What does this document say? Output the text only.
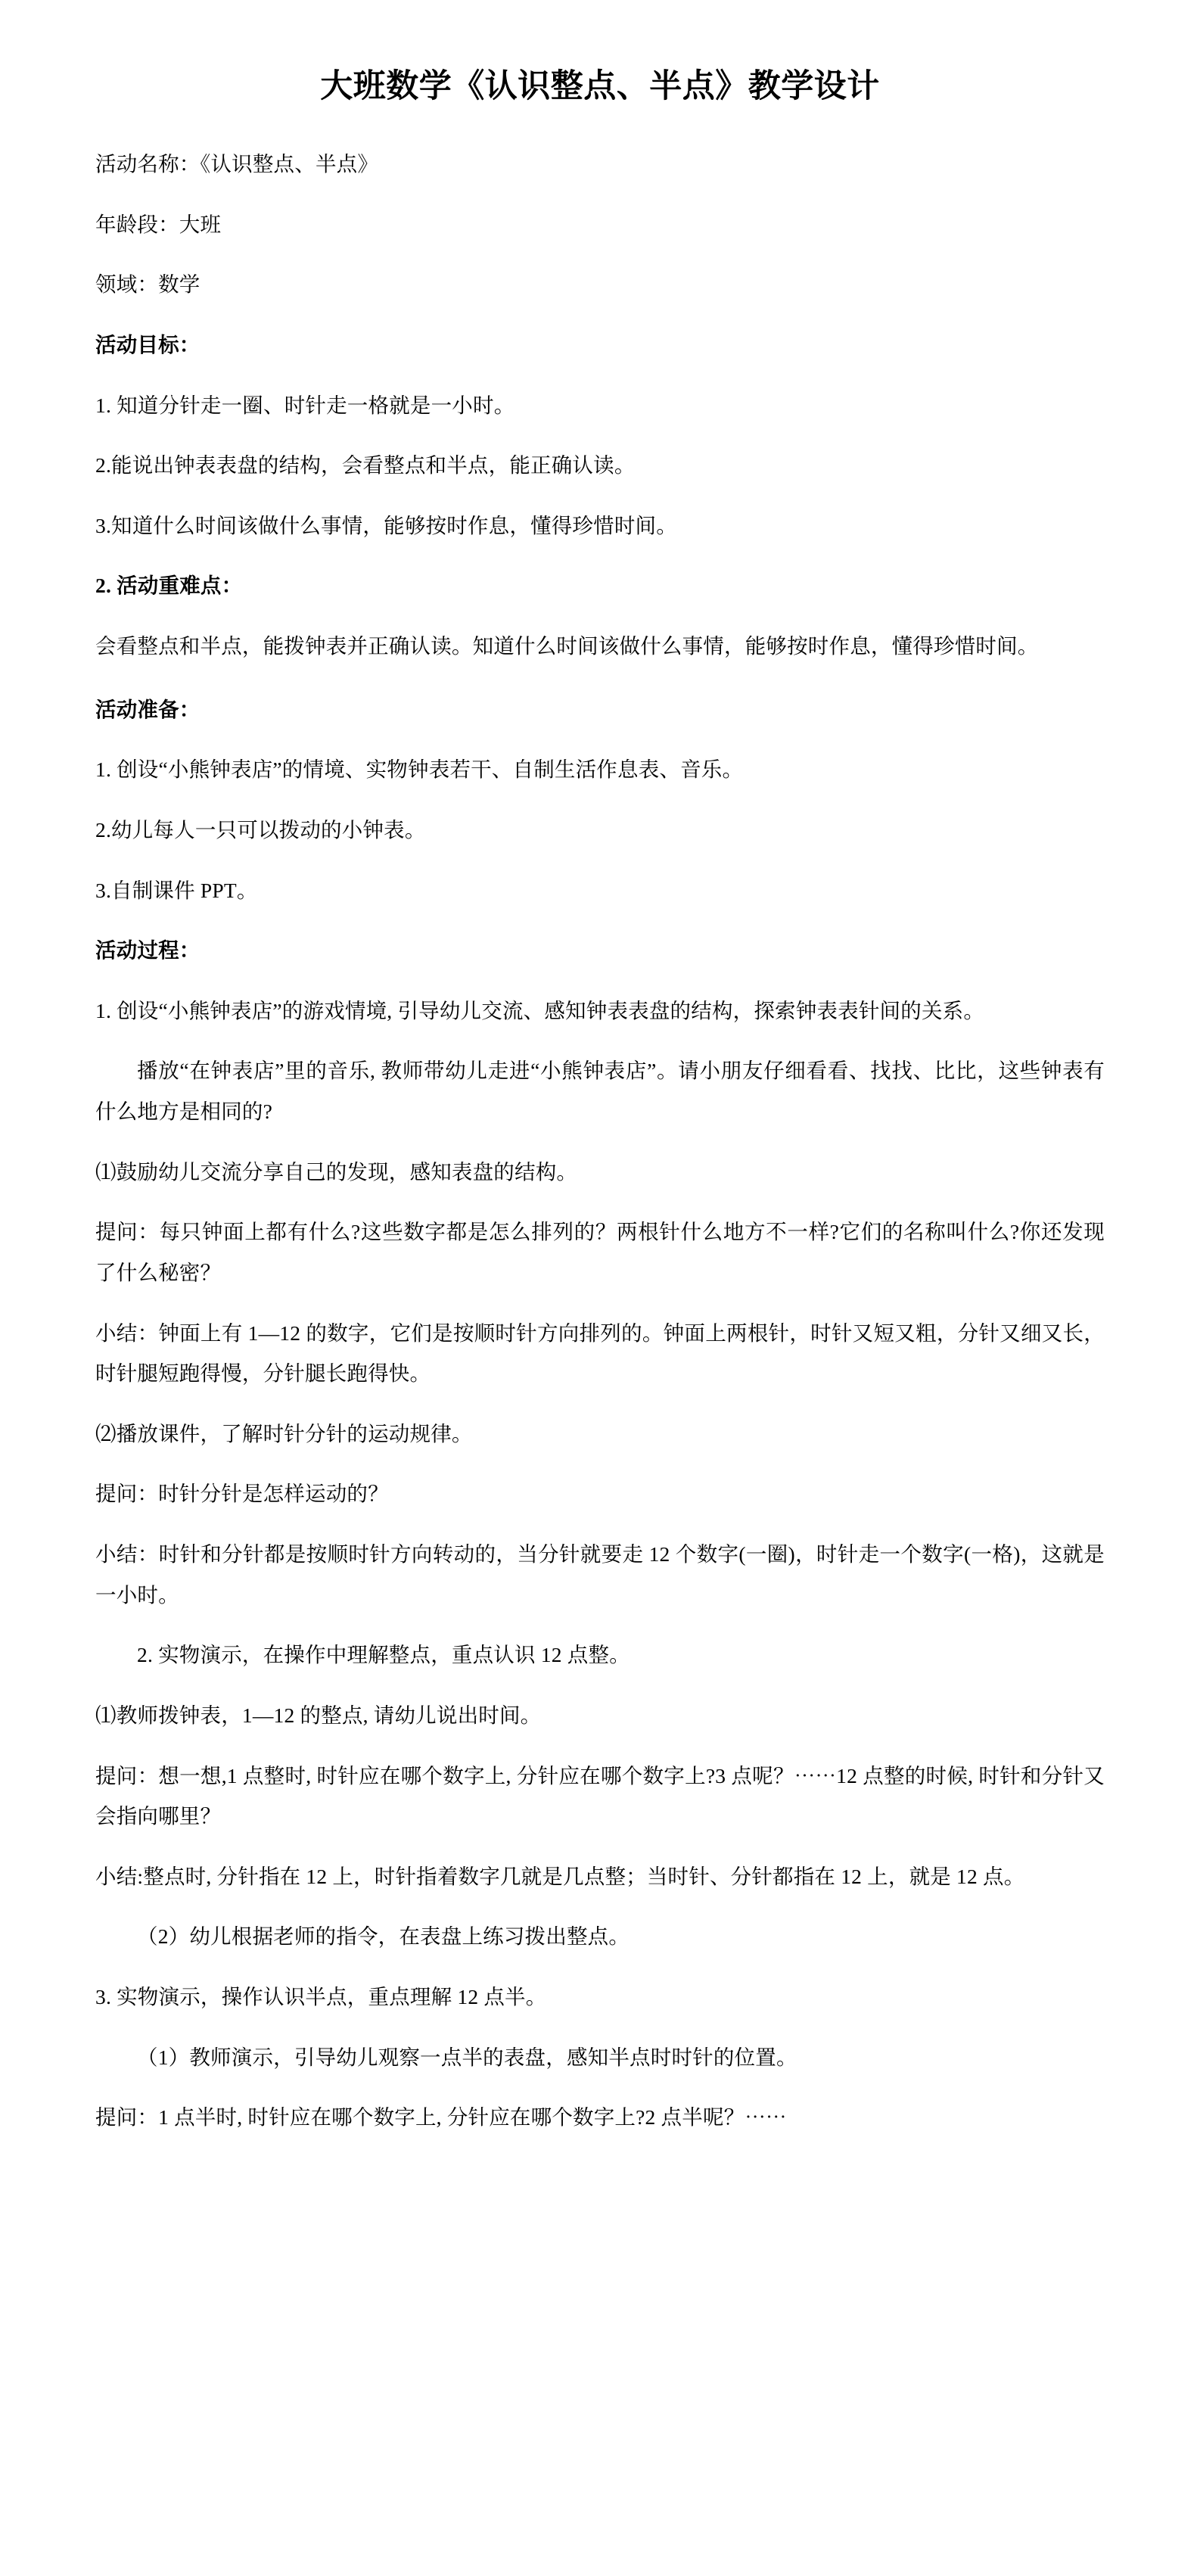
大班数学《认识整点、半点》教学设计

活动名称：《认识整点、半点》

年龄段：大班

领域：数学

活动目标：

1. 知道分针走一圈、时针走一格就是一小时。

2.能说出钟表表盘的结构，会看整点和半点，能正确认读。

3.知道什么时间该做什么事情，能够按时作息，懂得珍惜时间。

2. 活动重难点：

会看整点和半点，能拨钟表并正确认读。知道什么时间该做什么事情，能够按时作息，懂得珍惜时间。

活动准备：

1. 创设“小熊钟表店”的情境、实物钟表若干、自制生活作息表、音乐。

2.幼儿每人一只可以拨动的小钟表。

3.自制课件 PPT。

活动过程：

1. 创设“小熊钟表店”的游戏情境, 引导幼儿交流、感知钟表表盘的结构，探索钟表表针间的关系。

播放“在钟表店”里的音乐, 教师带幼儿走进“小熊钟表店”。请小朋友仔细看看、找找、比比，这些钟表有什么地方是相同的?

⑴鼓励幼儿交流分享自己的发现，感知表盘的结构。

提问：每只钟面上都有什么?这些数字都是怎么排列的？两根针什么地方不一样?它们的名称叫什么?你还发现了什么秘密？

小结：钟面上有 1—12 的数字，它们是按顺时针方向排列的。钟面上两根针，时针又短又粗，分针又细又长，时针腿短跑得慢，分针腿长跑得快。

⑵播放课件，了解时针分针的运动规律。

提问：时针分针是怎样运动的？

小结：时针和分针都是按顺时针方向转动的，当分针就要走 12 个数字(一圈)，时针走一个数字(一格)，这就是一小时。

2. 实物演示，在操作中理解整点，重点认识 12 点整。

⑴教师拨钟表，1—12 的整点, 请幼儿说出时间。

提问：想一想,1 点整时, 时针应在哪个数字上, 分针应在哪个数字上?3 点呢？⋯⋯12 点整的时候, 时针和分针又会指向哪里？

小结:整点时, 分针指在 12 上，时针指着数字几就是几点整；当时针、分针都指在 12 上，就是 12 点。

（2）幼儿根据老师的指令，在表盘上练习拨出整点。

3. 实物演示，操作认识半点，重点理解 12 点半。

（1）教师演示，引导幼儿观察一点半的表盘，感知半点时时针的位置。

提问：1 点半时, 时针应在哪个数字上, 分针应在哪个数字上?2 点半呢？⋯⋯
